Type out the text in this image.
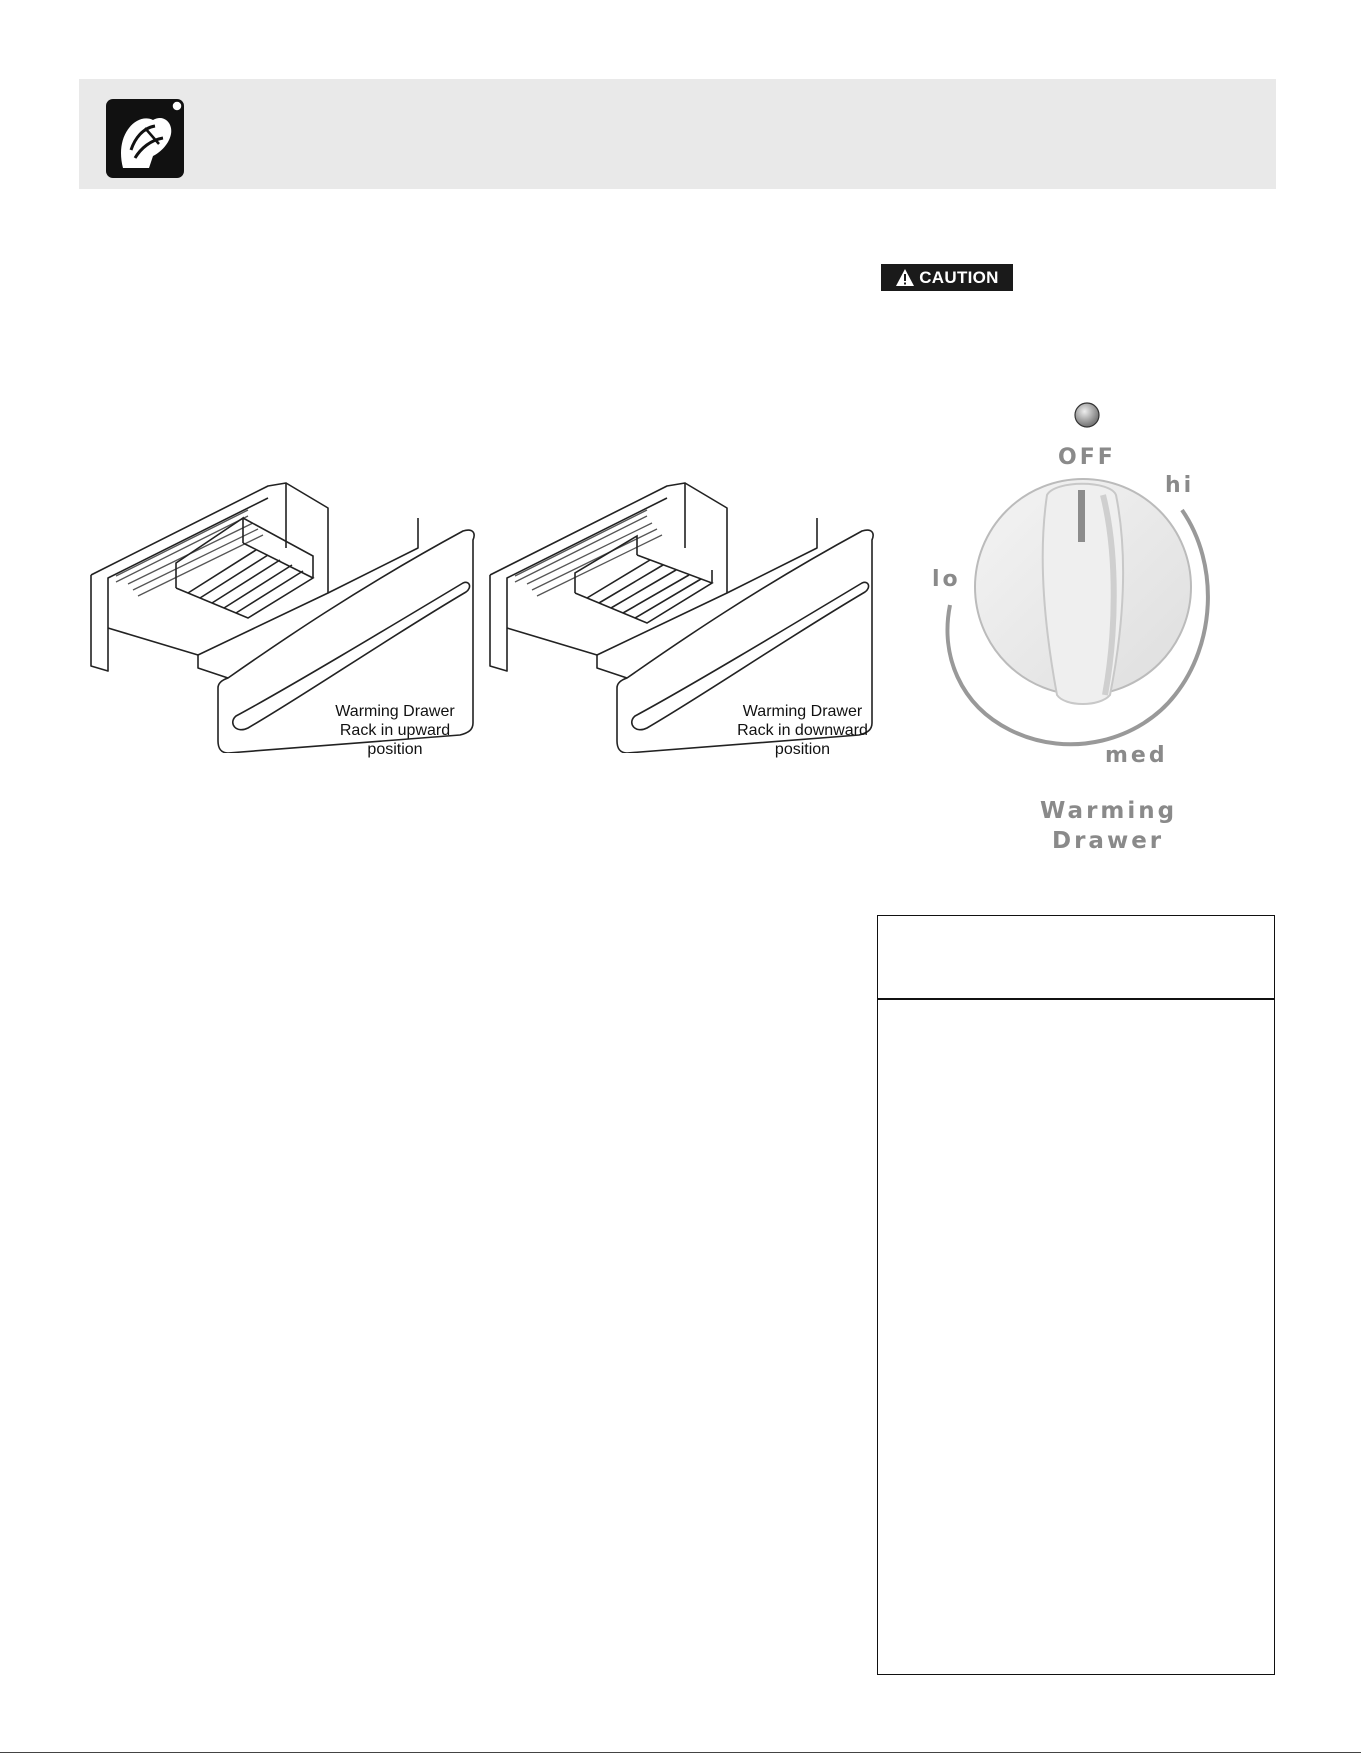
CAUTION
Warming Drawer
Rack in upward
position
Warming Drawer
Rack in downward
position
OFF
hi
lo
med
Warming
Drawer
